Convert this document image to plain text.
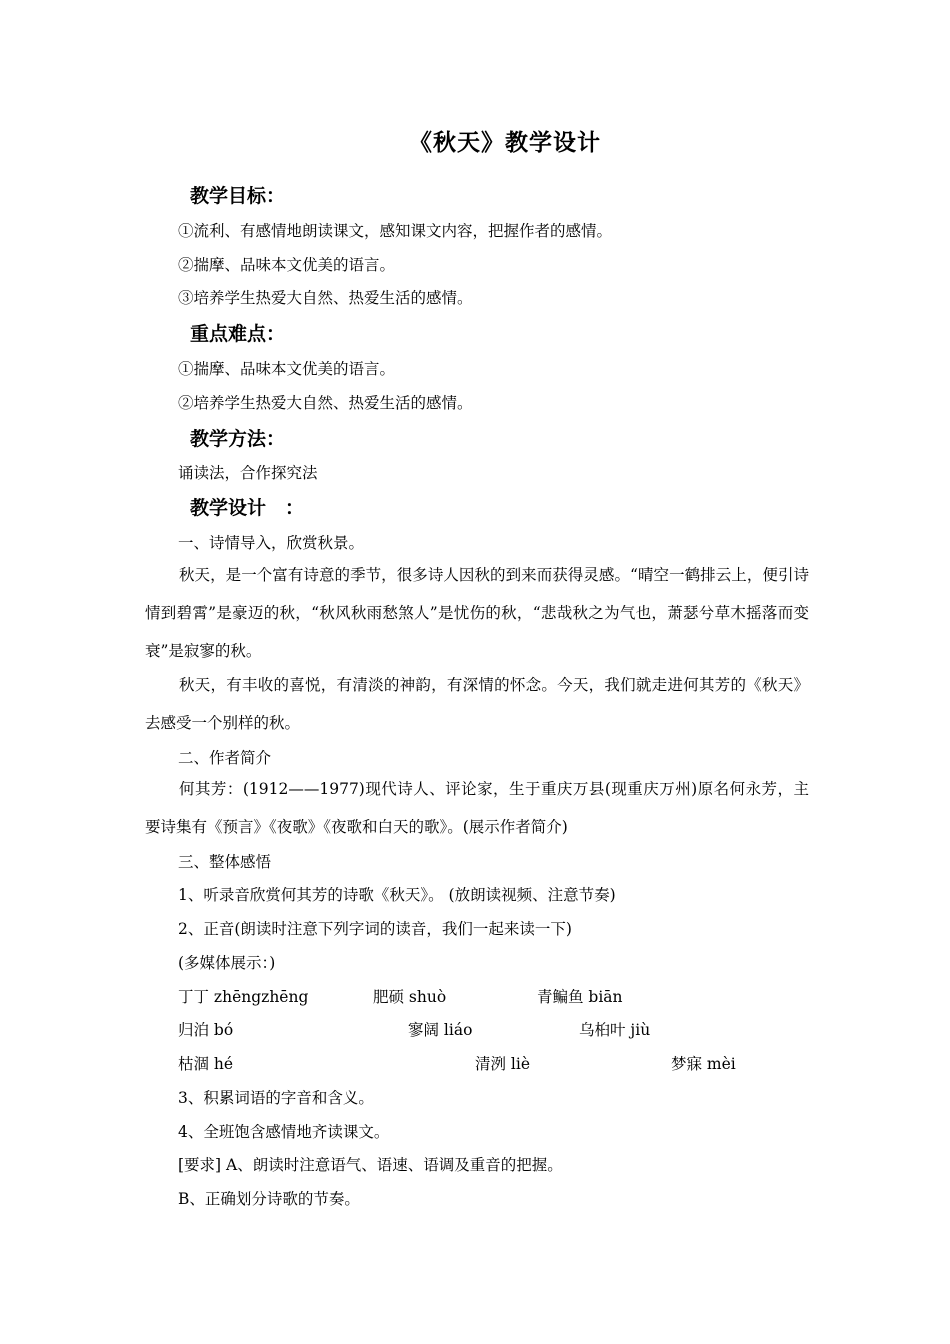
《秋天》教学设计
教学目标：
①流利、有感情地朗读课文，感知课文内容，把握作者的感情。
②揣摩、品味本文优美的语言。
③培养学生热爱大自然、热爱生活的感情。
重点难点：
①揣摩、品味本文优美的语言。
②培养学生热爱大自然、热爱生活的感情。
教学方法：
诵读法，合作探究法
教学设计　：
一、诗情导入，欣赏秋景。
秋天，是一个富有诗意的季节，很多诗人因秋的到来而获得灵感。“晴空一鹤排云上，便引诗情到碧霄”是豪迈的秋，“秋风秋雨愁煞人”是忧伤的秋，“悲哉秋之为气也，萧瑟兮草木摇落而变衰”是寂寥的秋。
秋天，有丰收的喜悦，有清淡的神韵，有深情的怀念。今天，我们就走进何其芳的《秋天》去感受一个别样的秋。
二、作者简介
何其芳：(1912——1977)现代诗人、评论家，生于重庆万县(现重庆万州)原名何永芳，主要诗集有《预言》《夜歌》《夜歌和白天的歌》。(展示作者简介)
三、整体感悟
1、听录音欣赏何其芳的诗歌《秋天》。 (放朗读视频、注意节奏)
2、正音(朗读时注意下列字词的读音，我们一起来读一下)
(多媒体展示：)
丁丁 zhēngzhēng	肥硕 shuò	青鳊鱼 biān
归泊 bó	寥阔 liáo	乌桕叶 jiù
枯涸 hé	清洌 liè	梦寐 mèi
3、积累词语的字音和含义。
4、全班饱含感情地齐读课文。
[要求] A、朗读时注意语气、语速、语调及重音的把握。
B、正确划分诗歌的节奏。
